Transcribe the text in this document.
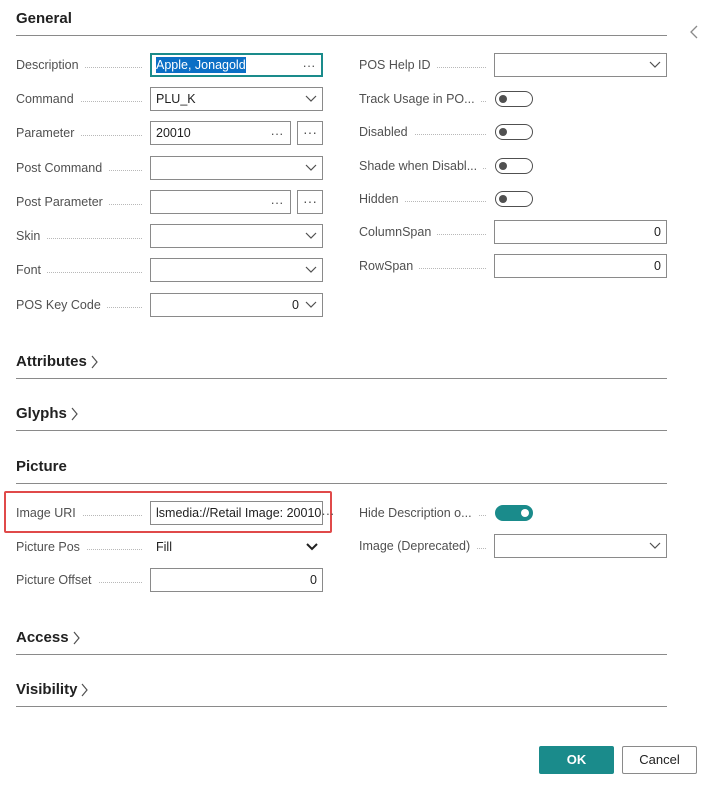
General
Description	Apple, Jonagold	···
Command	PLU_K
Parameter	20010	···	···
Post Command
Post Parameter	···	···
Skin
Font
POS Key Code	0
POS Help ID
Track Usage in PO...
Disabled
Shade when Disabl...
Hidden
ColumnSpan	0
RowSpan	0
Attributes
Glyphs
Picture
Image URI	lsmedia://Retail Image: 20010 ···
Picture Pos	Fill
Picture Offset	0
Hide Description o...
Image (Deprecated)
Access
Visibility
OK	Cancel
